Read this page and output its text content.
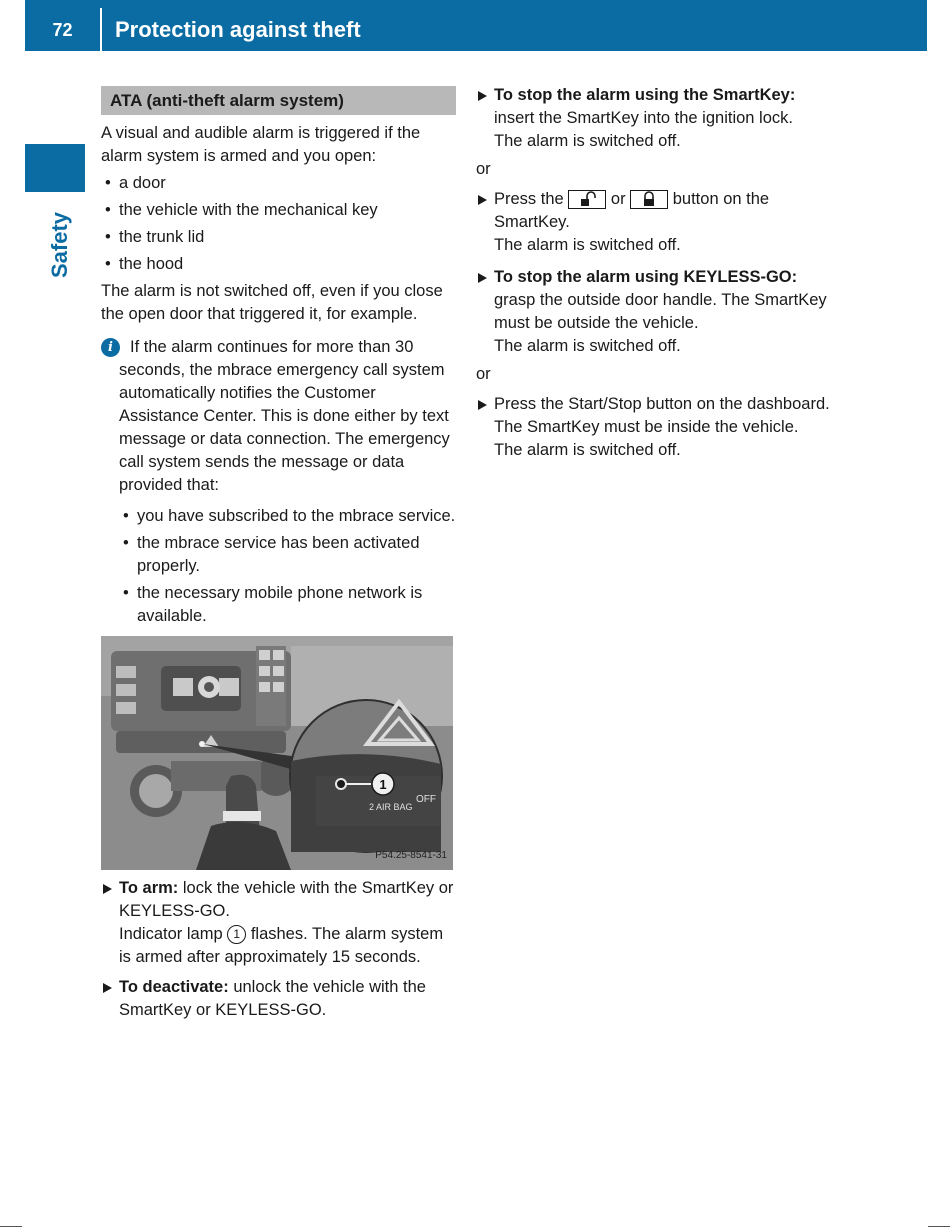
72	Protection against theft
Safety
ATA (anti-theft alarm system)

A visual and audible alarm is triggered if the alarm system is armed and you open:

• a door
• the vehicle with the mechanical key
• the trunk lid
• the hood

The alarm is not switched off, even if you close the open door that triggered it, for example.

i	If the alarm continues for more than 30 seconds, the mbrace emergency call system automatically notifies the Customer Assistance Center. This is done either by text message or data connection. The emergency call system sends the message or data provided that:

• you have subscribed to the mbrace service.
• the mbrace service has been activated properly.
• the necessary mobile phone network is available.
1
2 AIR BAG
OFF
P54.25-8541-31
To arm: lock the vehicle with the SmartKey or KEYLESS-GO.
Indicator lamp 1 flashes. The alarm system is armed after approximately 15 seconds.
To deactivate: unlock the vehicle with the SmartKey or KEYLESS-GO.
To stop the alarm using the SmartKey:
insert the SmartKey into the ignition lock.
The alarm is switched off.
or
Press the	or	button on the SmartKey.
The alarm is switched off.
To stop the alarm using KEYLESS-GO:
grasp the outside door handle. The SmartKey must be outside the vehicle.
The alarm is switched off.
or
Press the Start/Stop button on the dashboard. The SmartKey must be inside the vehicle.
The alarm is switched off.
